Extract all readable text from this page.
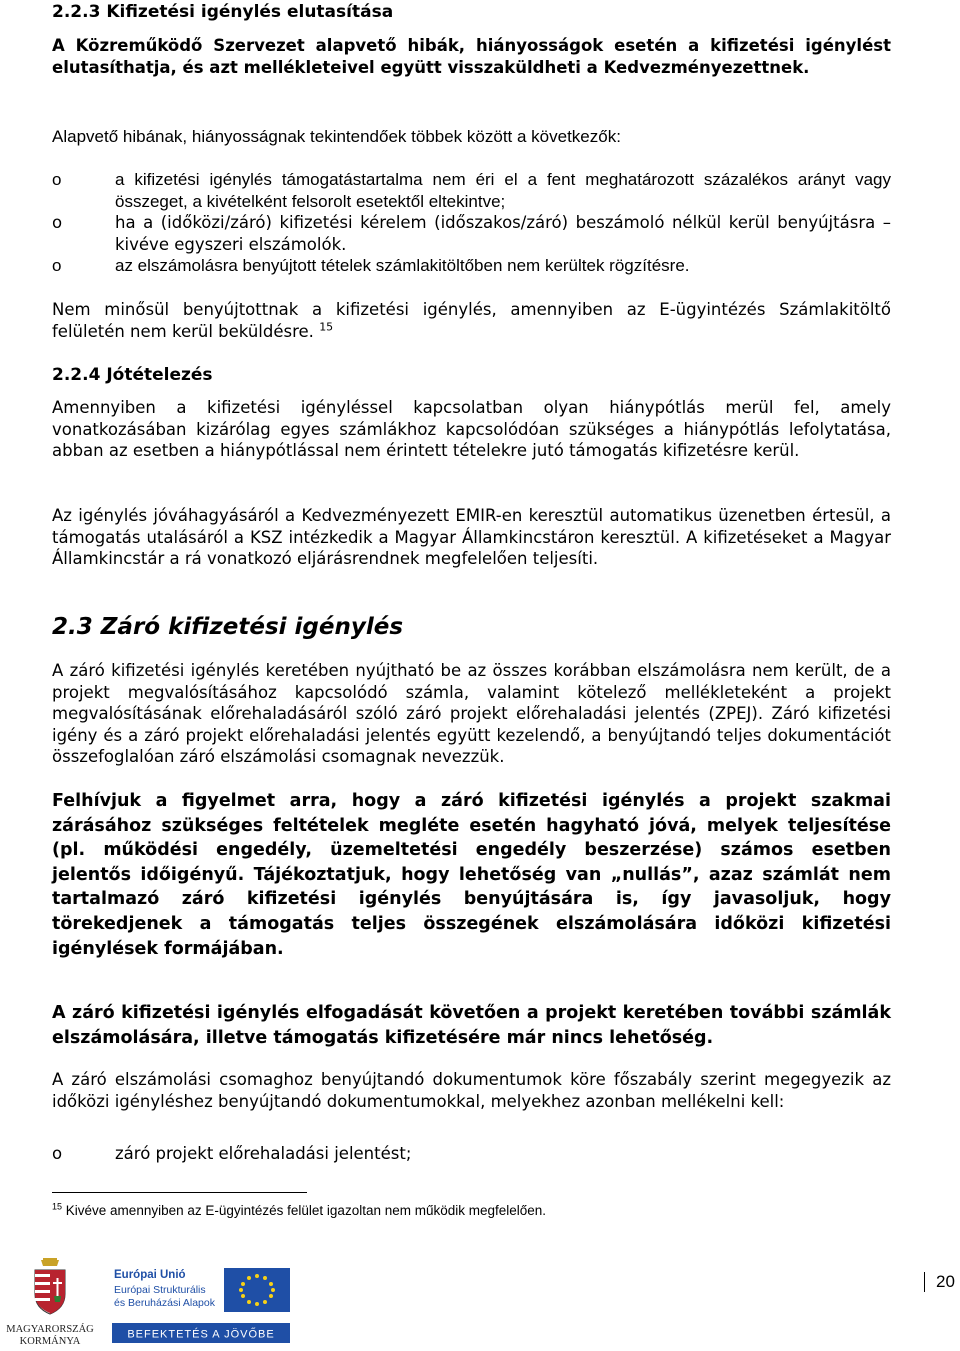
2.2.3 Kifizetési igénylés elutasítása

A Közreműködő Szervezet alapvető hibák, hiányosságok esetén a kifizetési igénylést elutasíthatja, és azt mellékleteivel együtt visszaküldheti a Kedvezményezettnek.

Alapvető hibának, hiányosságnak tekintendőek többek között a következők:

o	a kifizetési igénylés támogatástartalma nem éri el a fent meghatározott százalékos arányt vagy összeget, a kivételként felsorolt esetektől eltekintve;
o	ha a (időközi/záró) kifizetési kérelem (időszakos/záró) beszámoló nélkül kerül benyújtásra – kivéve egyszeri elszámolók.
o	az elszámolásra benyújtott tételek számlakitöltőben nem kerültek rögzítésre.

Nem minősül benyújtottnak a kifizetési igénylés, amennyiben az E-ügyintézés Számlakitöltő felületén nem kerül beküldésre. $^{15}$

2.2.4 Jótételezés

Amennyiben a kifizetési igényléssel kapcsolatban olyan hiánypótlás merül fel, amely vonatkozásában kizárólag egyes számlákhoz kapcsolódóan szükséges a hiánypótlás lefolytatása, abban az esetben a hiánypótlással nem érintett tételekre jutó támogatás kifizetésre kerül.

Az igénylés jóváhagyásáról a Kedvezményezett EMIR-en keresztül automatikus üzenetben értesül, a támogatás utalásáról a KSZ intézkedik a Magyar Államkincstáron keresztül. A kifizetéseket a Magyar Államkincstár a rá vonatkozó eljárásrendnek megfelelően teljesíti.

2.3 Záró kifizetési igénylés

A záró kifizetési igénylés keretében nyújtható be az összes korábban elszámolásra nem került, de a projekt megvalósításához kapcsolódó számla, valamint kötelező mellékleteként a projekt megvalósításának előrehaladásáról szóló záró projekt előrehaladási jelentés (ZPEJ). Záró kifizetési igény és a záró projekt előrehaladási jelentés együtt kezelendő, a benyújtandó teljes dokumentációt összefoglalóan záró elszámolási csomagnak nevezzük.

Felhívjuk a figyelmet arra, hogy a záró kifizetési igénylés a projekt szakmai zárásához szükséges feltételek megléte esetén hagyható jóvá, melyek teljesítése (pl. működési engedély, üzemeltetési engedély beszerzése) számos esetben jelentős időigényű. Tájékoztatjuk, hogy lehetőség van „nullás”, azaz számlát nem tartalmazó záró kifizetési igénylés benyújtására is, így javasoljuk, hogy törekedjenek a támogatás teljes összegének elszámolására időközi kifizetési igénylések formájában.

A záró kifizetési igénylés elfogadását követően a projekt keretében további számlák elszámolására, illetve támogatás kifizetésére már nincs lehetőség.

A záró elszámolási csomaghoz benyújtandó dokumentumok köre főszabály szerint megegyezik az időközi igényléshez benyújtandó dokumentumokkal, melyekhez azonban mellékelni kell:

o	záró projekt előrehaladási jelentést;
$^{15}$ Kivéve amennyiben az E-ügyintézés felület igazoltan nem működik megfelelően.
MAGYARORSZÁG
KORMÁNYA
Európai Unió
Európai Strukturális
és Beruházási Alapok
BEFEKTETÉS A JÖVŐBE
20
